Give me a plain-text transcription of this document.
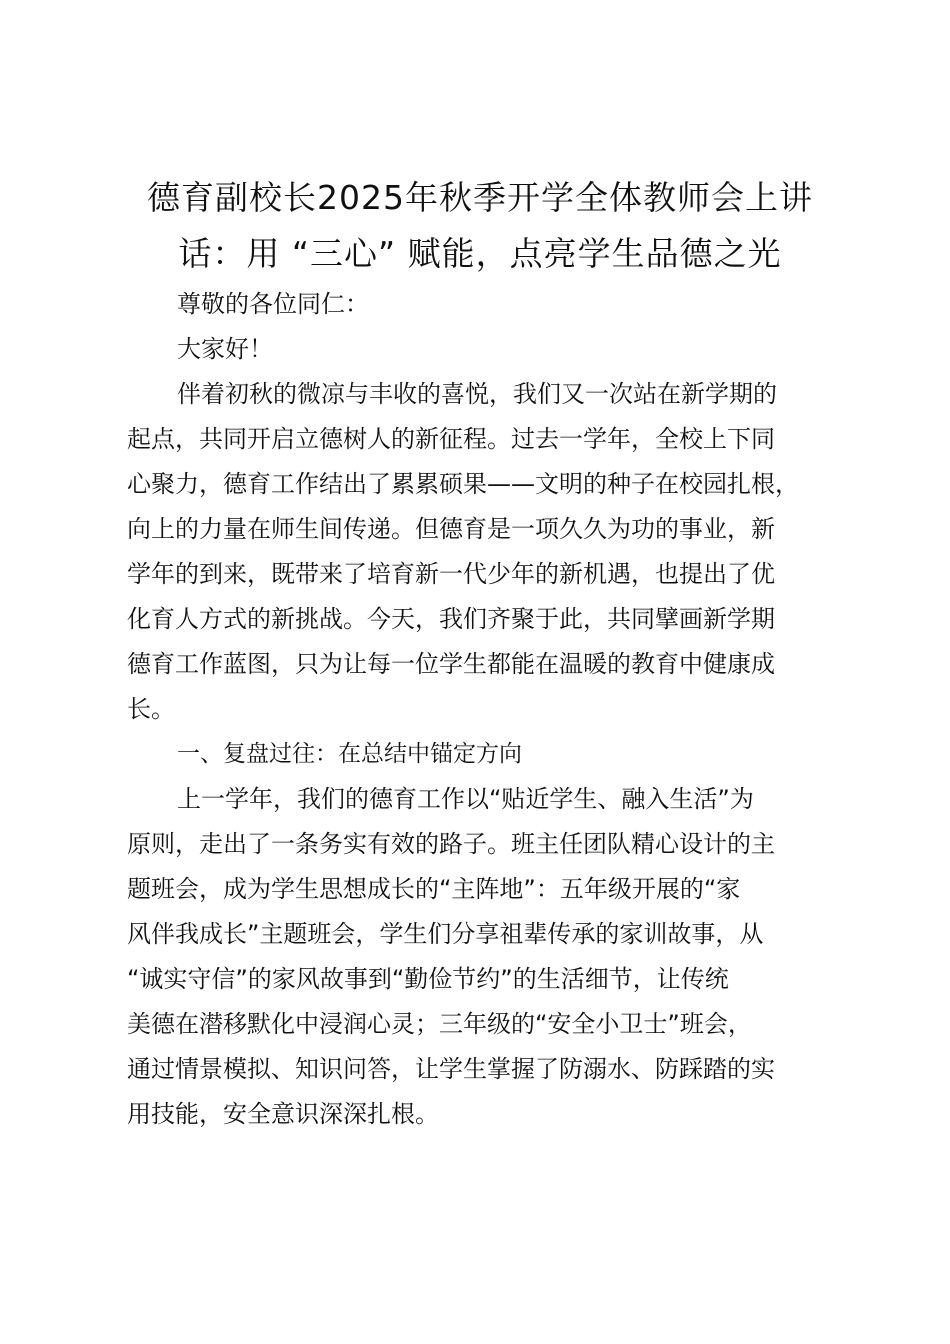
德育副校长2025年秋季开学全体教师会上讲
话：用 “三心” 赋能，点亮学生品德之光
尊敬的各位同仁：
大家好！
伴着初秋的微凉与丰收的喜悦，我们又一次站在新学期的
起点，共同开启立德树人的新征程。过去一学年，全校上下同
心聚力，德育工作结出了累累硕果——文明的种子在校园扎根，
向上的力量在师生间传递。但德育是一项久久为功的事业，新
学年的到来，既带来了培育新一代少年的新机遇，也提出了优
化育人方式的新挑战。今天，我们齐聚于此，共同擘画新学期
德育工作蓝图，只为让每一位学生都能在温暖的教育中健康成
长。
一、复盘过往：在总结中锚定方向
上一学年，我们的德育工作以“贴近学生、融入生活”为
原则，走出了一条务实有效的路子。班主任团队精心设计的主
题班会，成为学生思想成长的“主阵地”：五年级开展的“家
风伴我成长”主题班会，学生们分享祖辈传承的家训故事，从
“诚实守信”的家风故事到“勤俭节约”的生活细节，让传统
美德在潜移默化中浸润心灵；三年级的“安全小卫士”班会，
通过情景模拟、知识问答，让学生掌握了防溺水、防踩踏的实
用技能，安全意识深深扎根。
